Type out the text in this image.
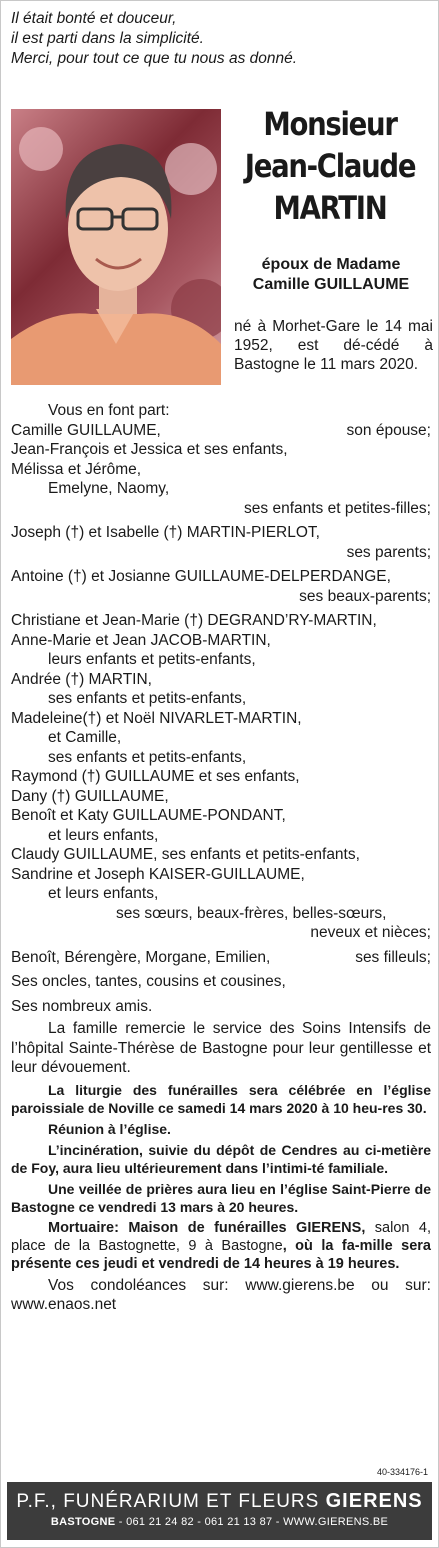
Il était bonté et douceur,
il est parti dans la simplicité.
Merci, pour tout ce que tu nous as donné.
Monsieur
Jean-Claude
MARTIN
époux de Madame
Camille GUILLAUME
né à Morhet-Gare le 14 mai 1952, est dé-cédé à Bastogne le 11 mars 2020.
Vous en font part:
Camille GUILLAUME,	son épouse;
Jean-François et Jessica et ses enfants,
Mélissa et Jérôme,
Emelyne, Naomy,
ses enfants et petites-filles;
Joseph (†) et Isabelle (†) MARTIN-PIERLOT,
ses parents;
Antoine (†) et Josianne GUILLAUME-DELPERDANGE,
ses beaux-parents;
Christiane et Jean-Marie (†) DEGRAND’RY-MARTIN,
Anne-Marie et Jean JACOB-MARTIN,
leurs enfants et petits-enfants,
Andrée (†) MARTIN,
ses enfants et petits-enfants,
Madeleine(†) et Noël NIVARLET-MARTIN,
et Camille,
ses enfants et petits-enfants,
Raymond (†) GUILLAUME et ses enfants,
Dany (†) GUILLAUME,
Benoît et Katy GUILLAUME-PONDANT,
et leurs enfants,
Claudy GUILLAUME, ses enfants et petits-enfants,
Sandrine et Joseph KAISER-GUILLAUME,
et leurs enfants,
ses sœurs, beaux-frères, belles-sœurs,
neveux et nièces;
Benoît, Bérengère, Morgane, Emilien,	ses filleuls;
Ses oncles, tantes, cousins et cousines,
Ses nombreux amis.
La famille remercie le service des Soins Intensifs de l’hôpital Sainte-Thérèse de Bastogne pour leur gentillesse et leur dévouement.
La liturgie des funérailles sera célébrée en l’église paroissiale de Noville ce samedi 14 mars 2020 à 10 heu-res 30.
Réunion à l’église.
L’incinération, suivie du dépôt de Cendres au ci-metière de Foy, aura lieu ultérieurement dans l’intimi-té familiale.
Une veillée de prières aura lieu en l’église Saint-Pierre de Bastogne ce vendredi 13 mars à 20 heures.
Mortuaire: Maison de funérailles GIERENS, salon 4, place de la Bastognette, 9 à Bastogne, où la fa-mille sera présente ces jeudi et vendredi de 14 heures à 19 heures.
Vos condoléances sur: www.gierens.be ou sur: www.enaos.net
40-334176-1
P.F., FUNÉRARIUM ET FLEURS GIERENS
BASTOGNE - 061 21 24 82 - 061 21 13 87 - WWW.GIERENS.BE
